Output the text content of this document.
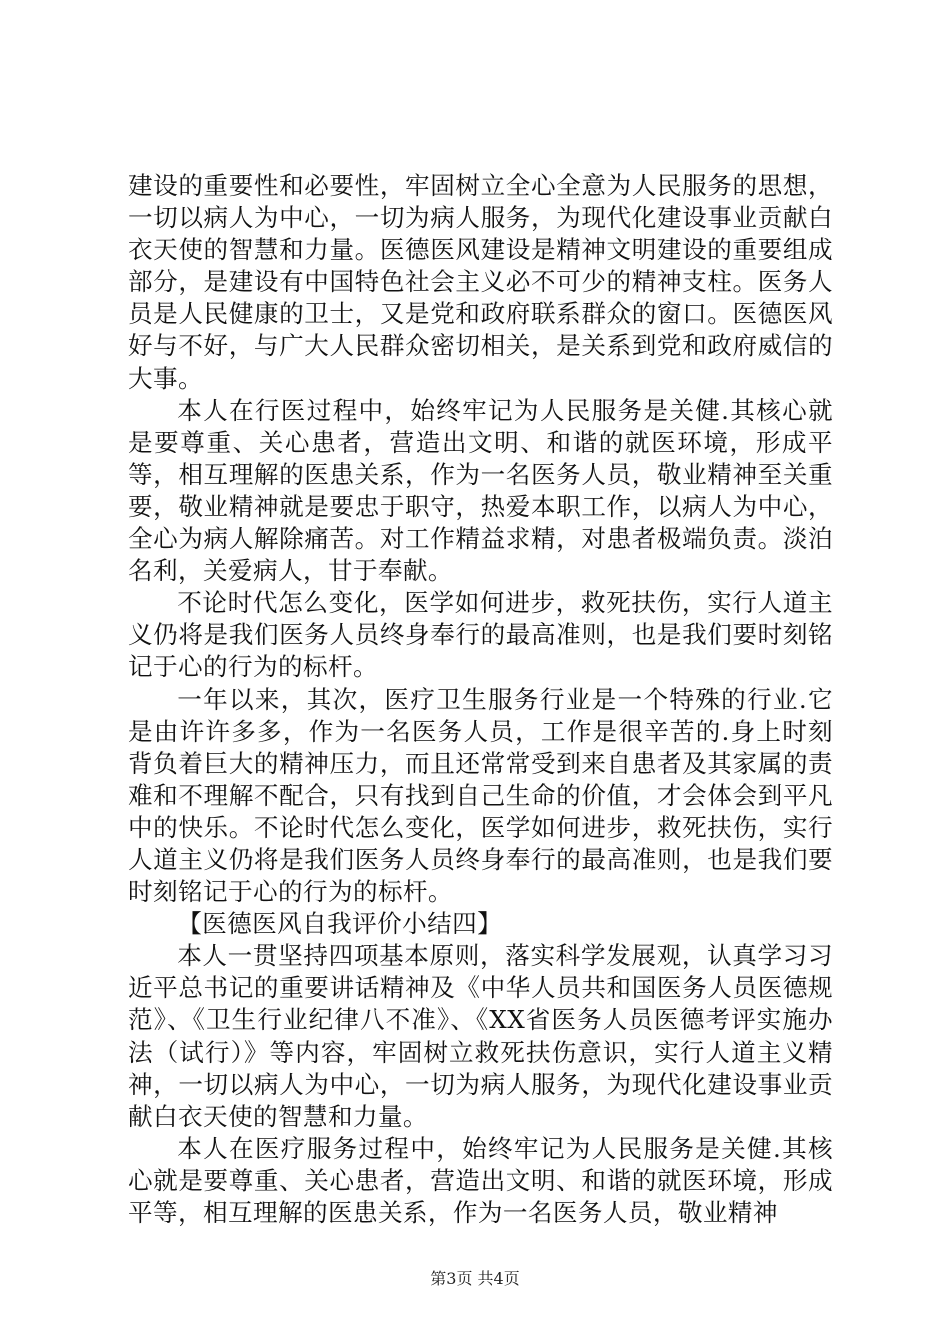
建设的重要性和必要性，牢固树立全心全意为人民服务的思想，一切以病人为中心，一切为病人服务，为现代化建设事业贡献白衣天使的智慧和力量。医德医风建设是精神文明建设的重要组成部分，是建设有中国特色社会主义必不可少的精神支柱。医务人员是人民健康的卫士，又是党和政府联系群众的窗口。医德医风好与不好，与广大人民群众密切相关，是关系到党和政府威信的大事。

本人在行医过程中，始终牢记为人民服务是关健.其核心就是要尊重、关心患者，营造出文明、和谐的就医环境，形成平等，相互理解的医患关系，作为一名医务人员，敬业精神至关重要，敬业精神就是要忠于职守，热爱本职工作，以病人为中心，全心为病人解除痛苦。对工作精益求精，对患者极端负责。淡泊名利，关爱病人，甘于奉献。

不论时代怎么变化，医学如何进步，救死扶伤，实行人道主义仍将是我们医务人员终身奉行的最高准则，也是我们要时刻铭记于心的行为的标杆。

一年以来，其次，医疗卫生服务行业是一个特殊的行业.它是由许许多多，作为一名医务人员，工作是很辛苦的.身上时刻背负着巨大的精神压力，而且还常常受到来自患者及其家属的责难和不理解不配合，只有找到自己生命的价值，才会体会到平凡中的快乐。不论时代怎么变化，医学如何进步，救死扶伤，实行人道主义仍将是我们医务人员终身奉行的最高准则，也是我们要时刻铭记于心的行为的标杆。

【医德医风自我评价小结四】

本人一贯坚持四项基本原则，落实科学发展观，认真学习习近平总书记的重要讲话精神及《中华人员共和国医务人员医德规范》、《卫生行业纪律八不准》、《XX省医务人员医德考评实施办法（试行）》等内容，牢固树立救死扶伤意识，实行人道主义精神，一切以病人为中心，一切为病人服务，为现代化建设事业贡献白衣天使的智慧和力量。

本人在医疗服务过程中，始终牢记为人民服务是关健.其核心就是要尊重、关心患者，营造出文明、和谐的就医环境，形成平等，相互理解的医患关系，作为一名医务人员，敬业精神

第3页 共4页
